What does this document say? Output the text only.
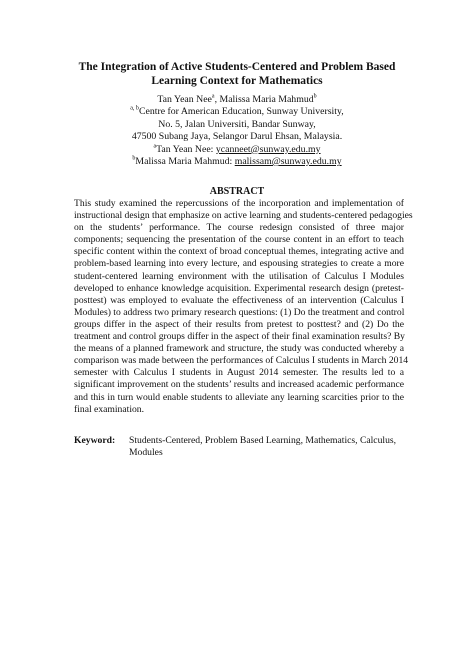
The Integration of Active Students-Centered and Problem Based
Learning Context for Mathematics
Tan Yean Nee$^a$, Malissa Maria Mahmud$^b$
$^{a, b}$Centre for American Education, Sunway University,
No. 5, Jalan Universiti, Bandar Sunway,
47500 Subang Jaya, Selangor Darul Ehsan, Malaysia.
$^a$Tan Yean Nee: ycanneet@sunway.edu.my
$^b$Malissa Maria Mahmud: malissam@sunway.edu.my
ABSTRACT
This study examined the repercussions of the incorporation and implementation of
instructional design that emphasize on active learning and students-centered pedagogies
on the students’ performance. The course redesign consisted of three major
components; sequencing the presentation of the course content in an effort to teach
specific content within the context of broad conceptual themes, integrating active and
problem-based learning into every lecture, and espousing strategies to create a more
student-centered learning environment with the utilisation of Calculus I Modules
developed to enhance knowledge acquisition. Experimental research design (pretest-
posttest) was employed to evaluate the effectiveness of an intervention (Calculus I
Modules) to address two primary research questions: (1) Do the treatment and control
groups differ in the aspect of their results from pretest to posttest? and (2) Do the
treatment and control groups differ in the aspect of their final examination results? By
the means of a planned framework and structure, the study was conducted whereby a
comparison was made between the performances of Calculus I students in March 2014
semester with Calculus I students in August 2014 semester. The results led to a
significant improvement on the students’ results and increased academic performance
and this in turn would enable students to alleviate any learning scarcities prior to the
final examination.
Keyword: Students-Centered, Problem Based Learning, Mathematics, Calculus,
Modules
